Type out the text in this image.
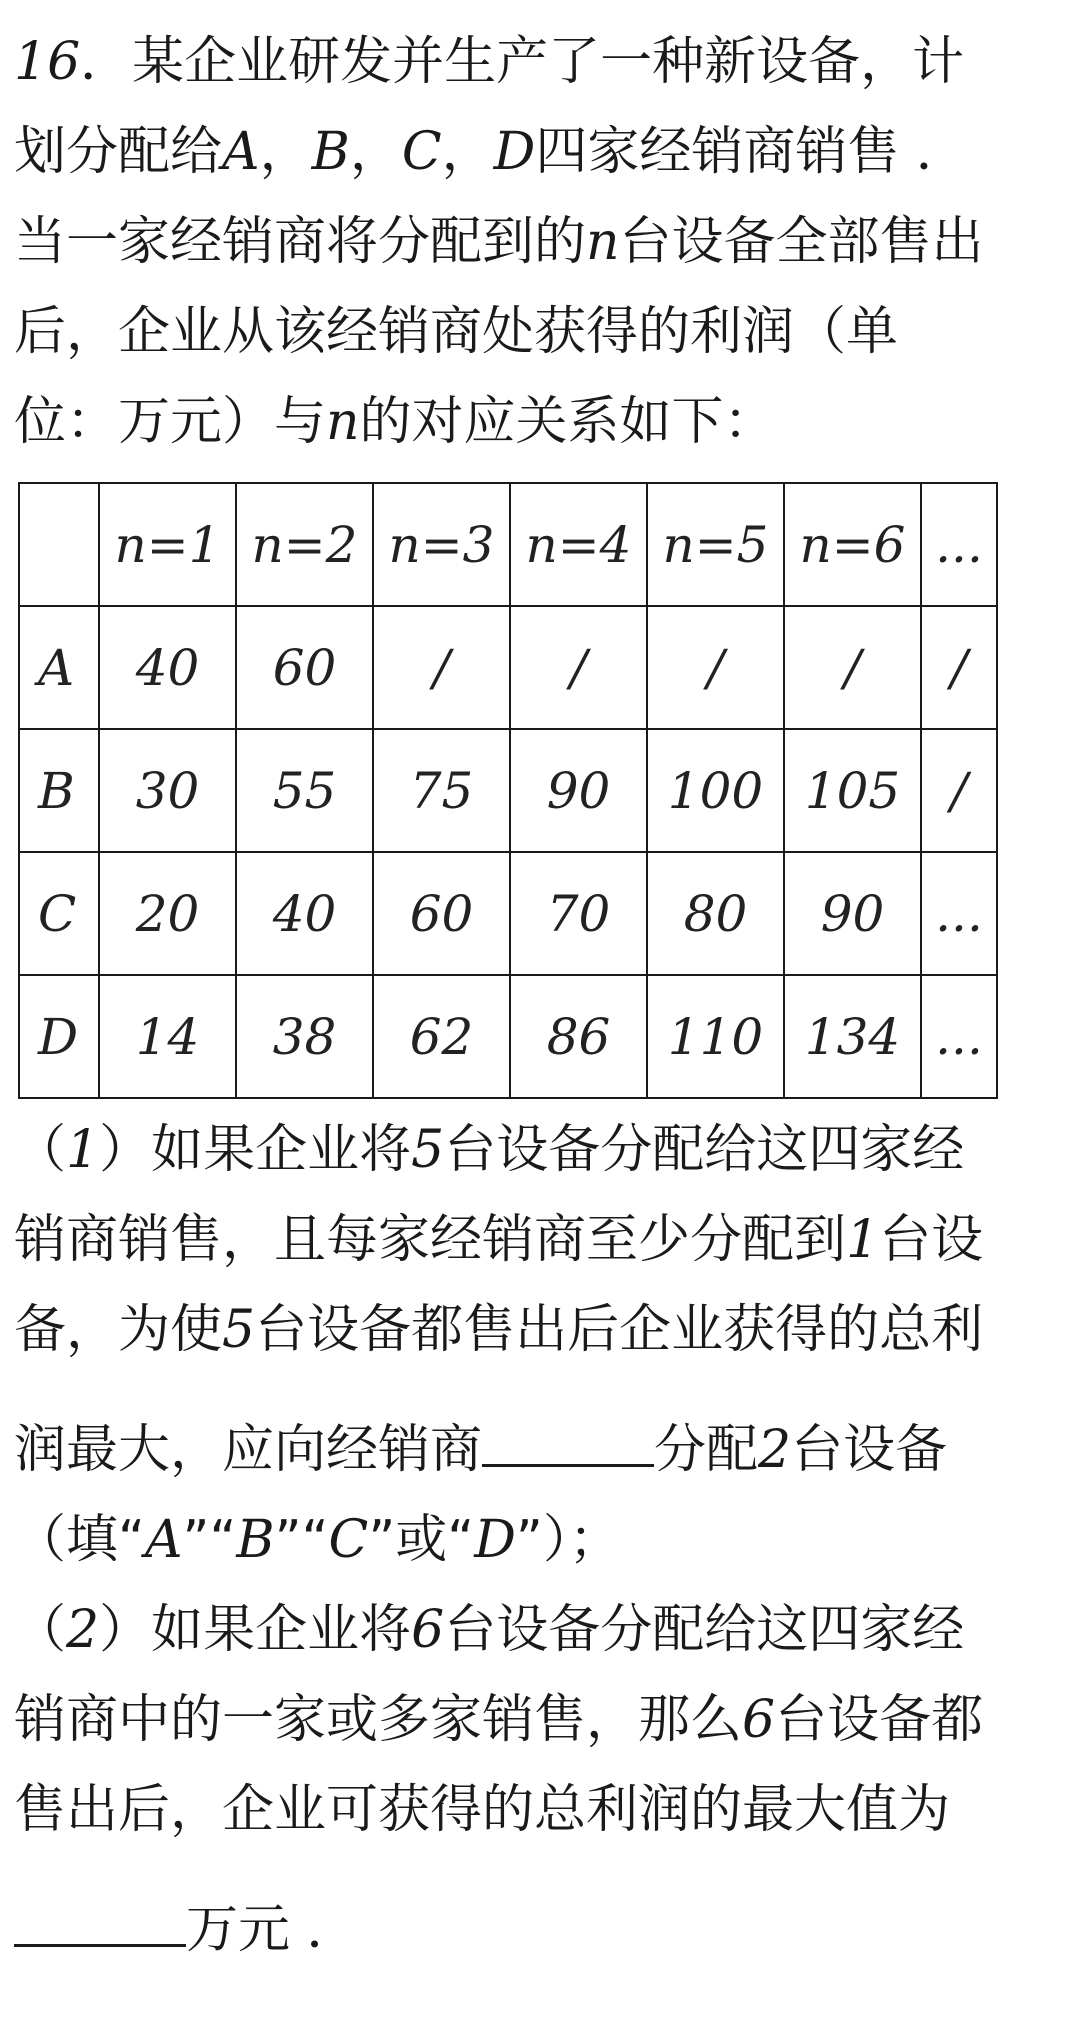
16．某企业研发并生产了一种新设备，计
划分配给A，B，C，D四家经销商销售 ．
当一家经销商将分配到的n台设备全部售出
后，企业从该经销商处获得的利润（单
位：万元）与n的对应关系如下：
	n=1	n=2	n=3	n=4	n=5	n=6	...
A	40	60	/	/	/	/	/
B	30	55	75	90	100	105	/
C	20	40	60	70	80	90	...
D	14	38	62	86	110	134	...
（1）如果企业将5台设备分配给这四家经
销商销售，且每家经销商至少分配到1台设
备，为使5台设备都售出后企业获得的总利
润最大，应向经销商	分配2台设备
（填“A”“B”“C”或“D”）；
（2）如果企业将6台设备分配给这四家经
销商中的一家或多家销售，那么6台设备都
售出后，企业可获得的总利润的最大值为
万元 ．
